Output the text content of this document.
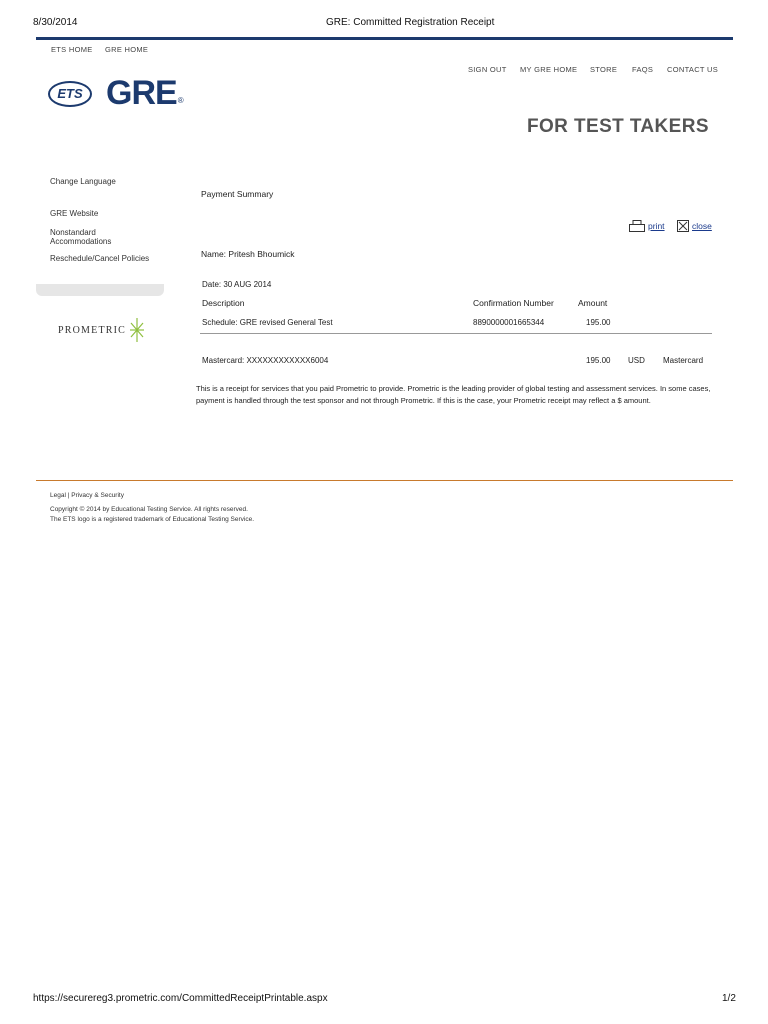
8/30/2014	GRE: Committed Registration Receipt
ETS HOME GRE HOME
SIGN OUT MY GRE HOME STORE FAQS CONTACT US
ETS GRE ®
FOR TEST TAKERS
Change Language
GRE Website
Nonstandard
Accommodations
Reschedule/Cancel Policies
PROMETRIC
Payment Summary
print	close
Name: Pritesh Bhoumick
Date: 30 AUG 2014
Description	Confirmation Number	Amount
Schedule: GRE revised General Test	8890000001665344	195.00
Mastercard: XXXXXXXXXXXX6004	195.00 USD Mastercard
This is a receipt for services that you paid Prometric to provide. Prometric is the leading provider of global testing and assessment services. In some cases, payment is handled through the test sponsor and not through Prometric. If this is the case, your Prometric receipt may reflect a $ amount.
Legal | Privacy & Security
Copyright © 2014 by Educational Testing Service. All rights reserved.
The ETS logo is a registered trademark of Educational Testing Service.
https://securereg3.prometric.com/CommittedReceiptPrintable.aspx	1/2
